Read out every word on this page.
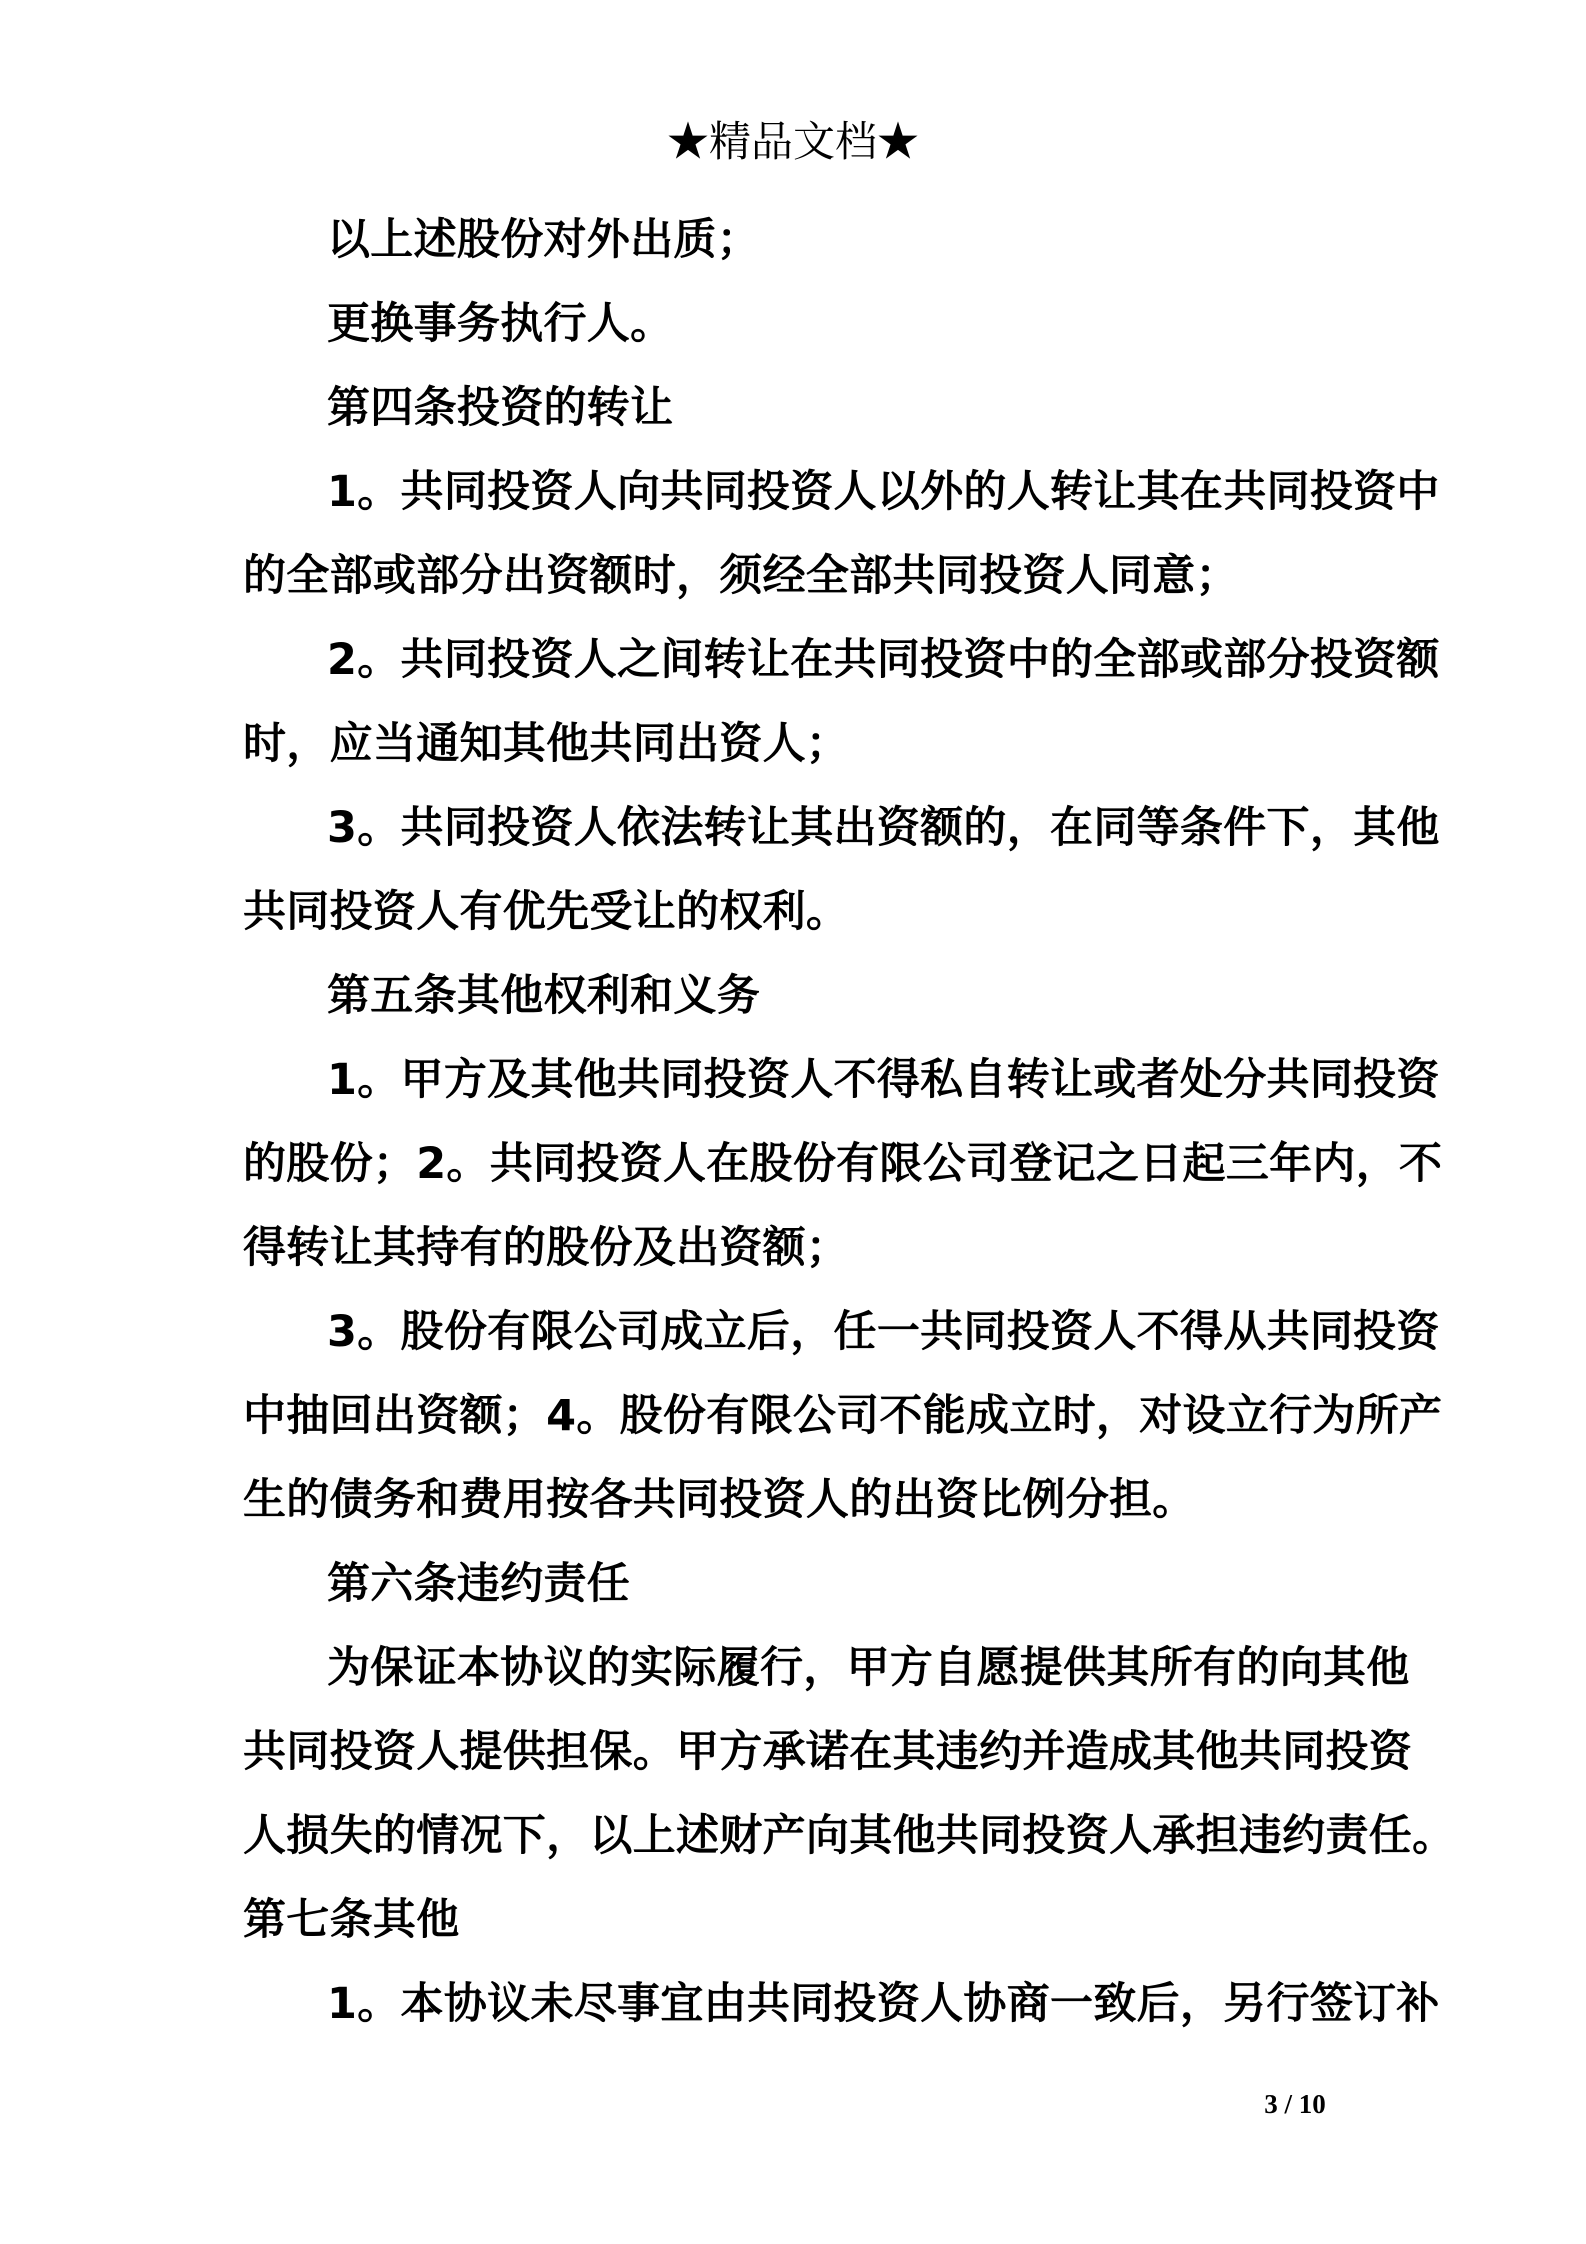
★精品文档★
以上述股份对外出质；
更换事务执行人。
第四条投资的转让
1。共同投资人向共同投资人以外的人转让其在共同投资中
的全部或部分出资额时，须经全部共同投资人同意；
2。共同投资人之间转让在共同投资中的全部或部分投资额
时，应当通知其他共同出资人；
3。共同投资人依法转让其出资额的，在同等条件下，其他
共同投资人有优先受让的权利。
第五条其他权利和义务
1。甲方及其他共同投资人不得私自转让或者处分共同投资
的股份；2。共同投资人在股份有限公司登记之日起三年内，不
得转让其持有的股份及出资额；
3。股份有限公司成立后，任一共同投资人不得从共同投资
中抽回出资额；4。股份有限公司不能成立时，对设立行为所产
生的债务和费用按各共同投资人的出资比例分担。
第六条违约责任
为保证本协议的实际履行，甲方自愿提供其所有的向其他
共同投资人提供担保。甲方承诺在其违约并造成其他共同投资
人损失的情况下，以上述财产向其他共同投资人承担违约责任。
第七条其他
1。本协议未尽事宜由共同投资人协商一致后，另行签订补
3 / 10
